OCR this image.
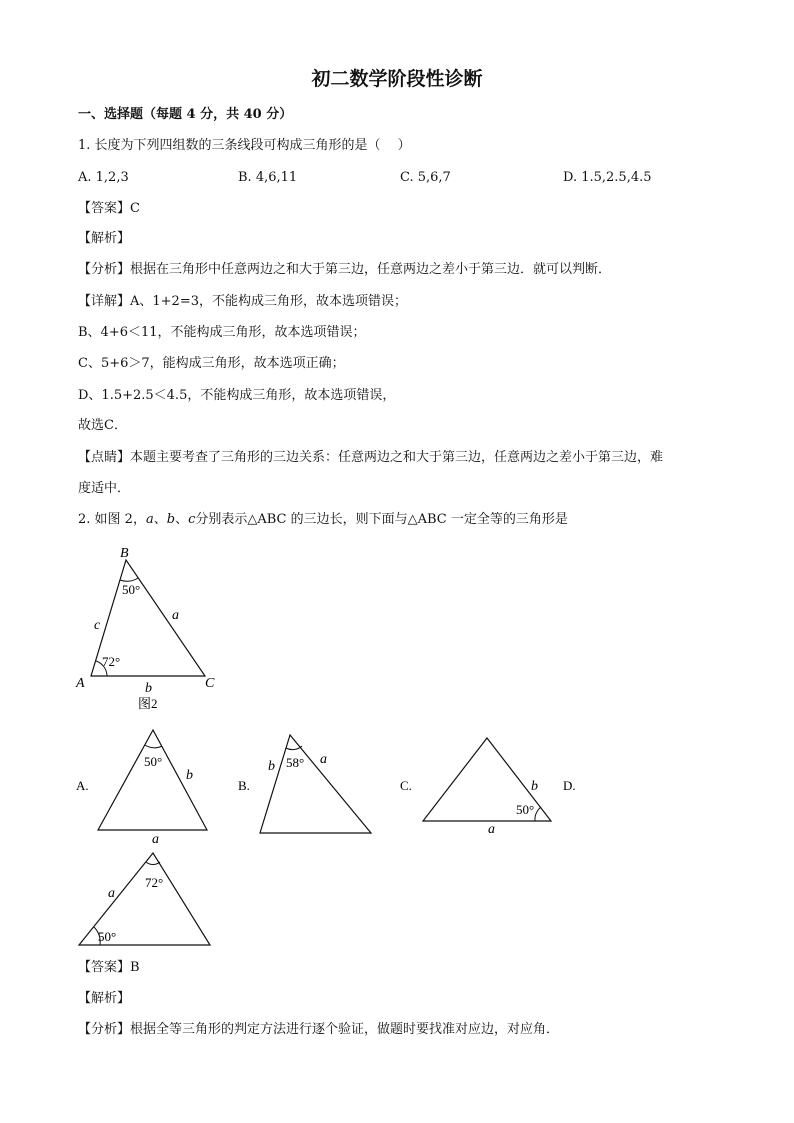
初二数学阶段性诊断
一、选择题（每题 4 分，共 40 分）
1. 长度为下列四组数的三条线段可构成三角形的是（　 ）
A. 1,2,3	B. 4,6,11	C. 5,6,7	D. 1.5,2.5,4.5
【答案】C
【解析】
【分析】根据在三角形中任意两边之和大于第三边，任意两边之差小于第三边．就可以判断．
【详解】A、1+2=3，不能构成三角形，故本选项错误；
B、4+6＜11，不能构成三角形，故本选项错误；
C、5+6＞7，能构成三角形，故本选项正确；
D、1.5+2.5＜4.5，不能构成三角形，故本选项错误，
故选C．
【点睛】本题主要考查了三角形的三边关系：任意两边之和大于第三边，任意两边之差小于第三边，难
度适中．
2. 如图 2，a、b、c分别表示△ABC 的三边长，则下面与△ABC 一定全等的三角形是
B
A	C
50°
72°
a
b
c
图2
A.
50°
b
a
B.
58°
b	a
C.
50°
b
a
D.
72°
50°
a
【答案】B
【解析】
【分析】根据全等三角形的判定方法进行逐个验证，做题时要找准对应边，对应角．
